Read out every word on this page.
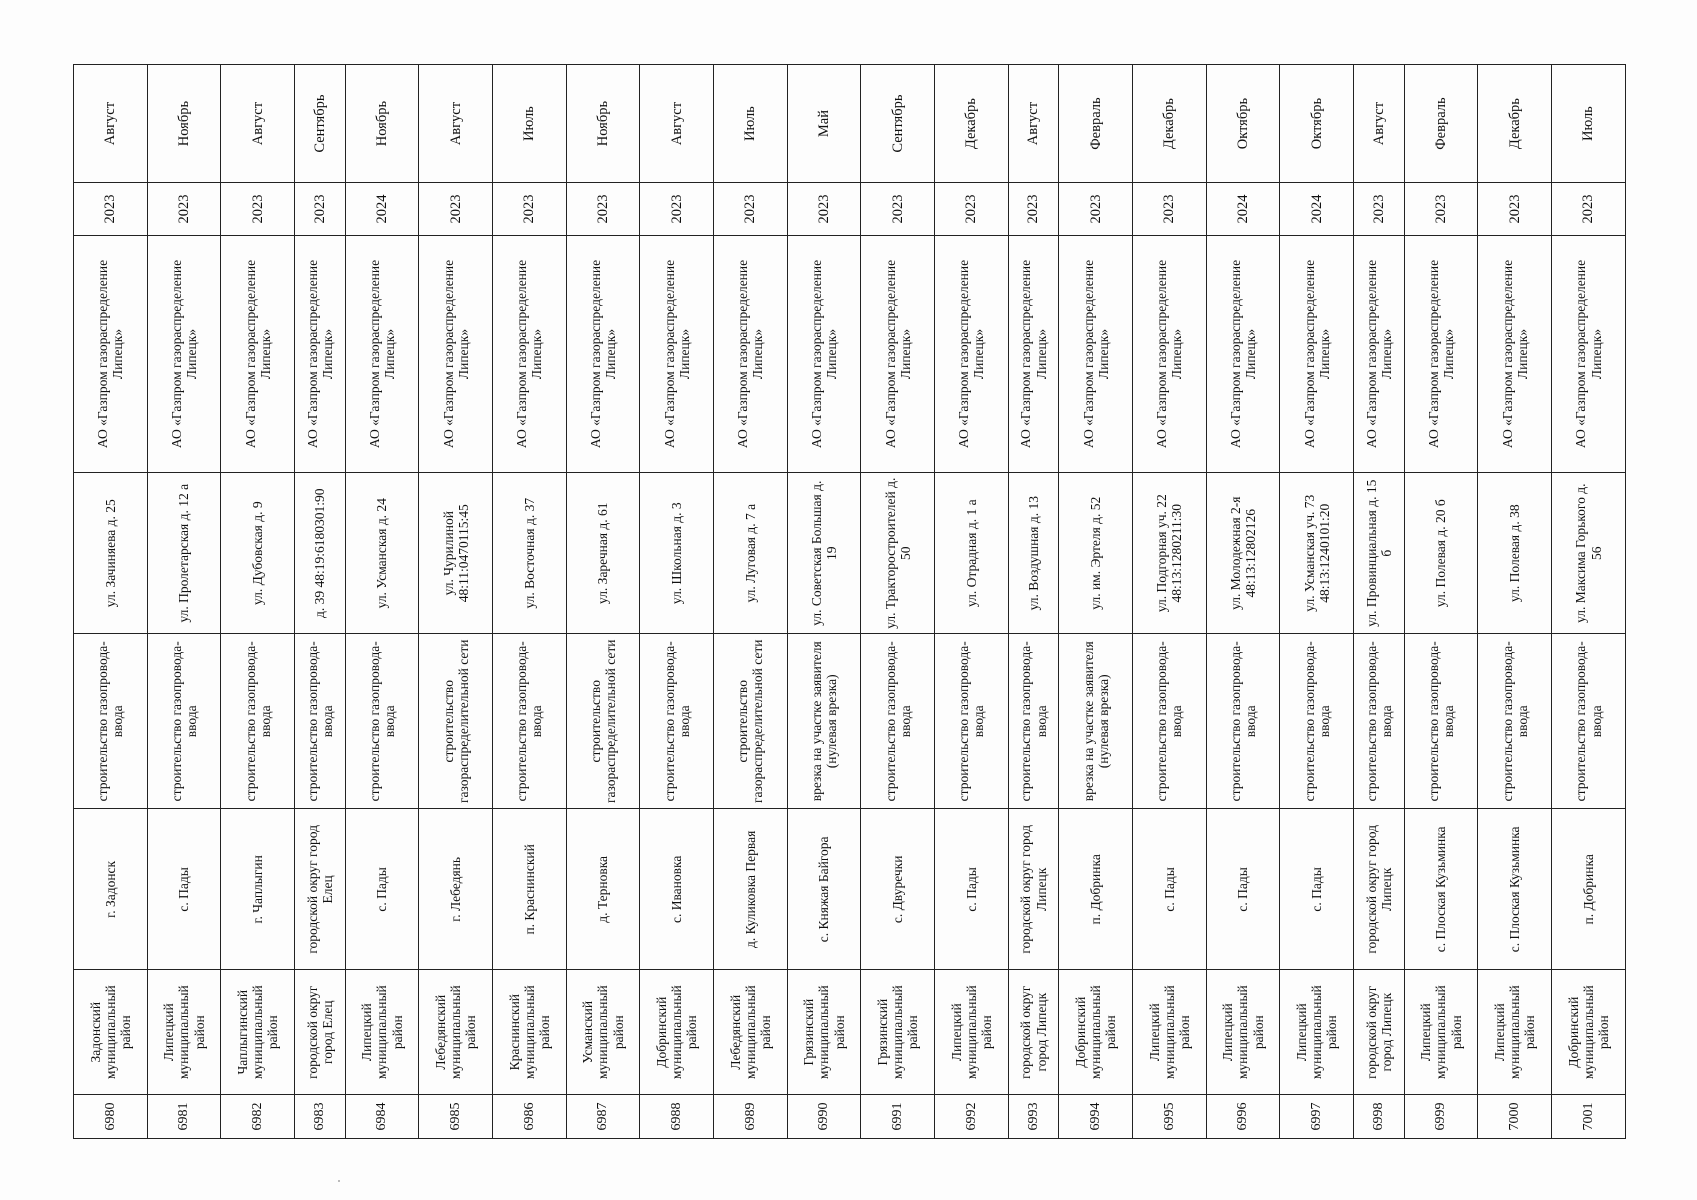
6980	Задонский муниципальный район	г. Задонск	строительство газопровода-ввода	ул. Зачиняева д. 25	АО «Газпром газораспределение Липецк»	2023	Август
6981	Липецкий муниципальный район	с. Пады	строительство газопровода-ввода	ул. Пролетарская д. 12 а	АО «Газпром газораспределение Липецк»	2023	Ноябрь
6982	Чаплыгинский муниципальный район	г. Чаплыгин	строительство газопровода-ввода	ул. Дубовская д. 9	АО «Газпром газораспределение Липецк»	2023	Август
6983	городской округ город Елец	городской округ город Елец	строительство газопровода-ввода	д. 39 48:19:6180301:90	АО «Газпром газораспределение Липецк»	2023	Сентябрь
6984	Липецкий муниципальный район	с. Пады	строительство газопровода-ввода	ул. Усманская д. 24	АО «Газпром газораспределение Липецк»	2024	Ноябрь
6985	Лебедянский муниципальный район	г. Лебедянь	строительство газораспределительной сети	ул. Чурилиной 48:11:0470115:45	АО «Газпром газораспределение Липецк»	2023	Август
6986	Краснинский муниципальный район	п. Краснинский	строительство газопровода-ввода	ул. Восточная д. 37	АО «Газпром газораспределение Липецк»	2023	Июль
6987	Усманский муниципальный район	д. Терновка	строительство газораспределительной сети	ул. Заречная д. 61	АО «Газпром газораспределение Липецк»	2023	Ноябрь
6988	Добринский муниципальный район	с. Ивановка	строительство газопровода-ввода	ул. Школьная д. 3	АО «Газпром газораспределение Липецк»	2023	Август
6989	Лебедянский муниципальный район	д. Куликовка Первая	строительство газораспределительной сети	ул. Луговая д. 7 а	АО «Газпром газораспределение Липецк»	2023	Июль
6990	Грязинский муниципальный район	с. Княжая Байгора	врезка на участке заявителя (нулевая врезка)	ул. Советская Большая д. 19	АО «Газпром газораспределение Липецк»	2023	Май
6991	Грязинский муниципальный район	с. Двуречки	строительство газопровода-ввода	ул. Тракторостроителей д. 50	АО «Газпром газораспределение Липецк»	2023	Сентябрь
6992	Липецкий муниципальный район	с. Пады	строительство газопровода-ввода	ул. Отрадная д. 1 а	АО «Газпром газораспределение Липецк»	2023	Декабрь
6993	городской округ город Липецк	городской округ город Липецк	строительство газопровода-ввода	ул. Воздушная д. 13	АО «Газпром газораспределение Липецк»	2023	Август
6994	Добринский муниципальный район	п. Добринка	врезка на участке заявителя (нулевая врезка)	ул. им. Эртеля д. 52	АО «Газпром газораспределение Липецк»	2023	Февраль
6995	Липецкий муниципальный район	с. Пады	строительство газопровода-ввода	ул. Подгорная уч. 22 48:13:1280211:30	АО «Газпром газораспределение Липецк»	2023	Декабрь
6996	Липецкий муниципальный район	с. Пады	строительство газопровода-ввода	ул. Молодежная 2-я 48:13:12802126	АО «Газпром газораспределение Липецк»	2024	Октябрь
6997	Липецкий муниципальный район	с. Пады	строительство газопровода-ввода	ул. Усманская уч. 73 48:13:1240101:20	АО «Газпром газораспределение Липецк»	2024	Октябрь
6998	городской округ город Липецк	городской округ город Липецк	строительство газопровода-ввода	ул. Провинциальная д. 15 б	АО «Газпром газораспределение Липецк»	2023	Август
6999	Липецкий муниципальный район	с. Плоская Кузьминка	строительство газопровода-ввода	ул. Полевая д. 20 б	АО «Газпром газораспределение Липецк»	2023	Февраль
7000	Липецкий муниципальный район	с. Плоская Кузьминка	строительство газопровода-ввода	ул. Полевая д. 38	АО «Газпром газораспределение Липецк»	2023	Декабрь
7001	Добринский муниципальный район	п. Добринка	строительство газопровода-ввода	ул. Максима Горького д. 56	АО «Газпром газораспределение Липецк»	2023	Июль
